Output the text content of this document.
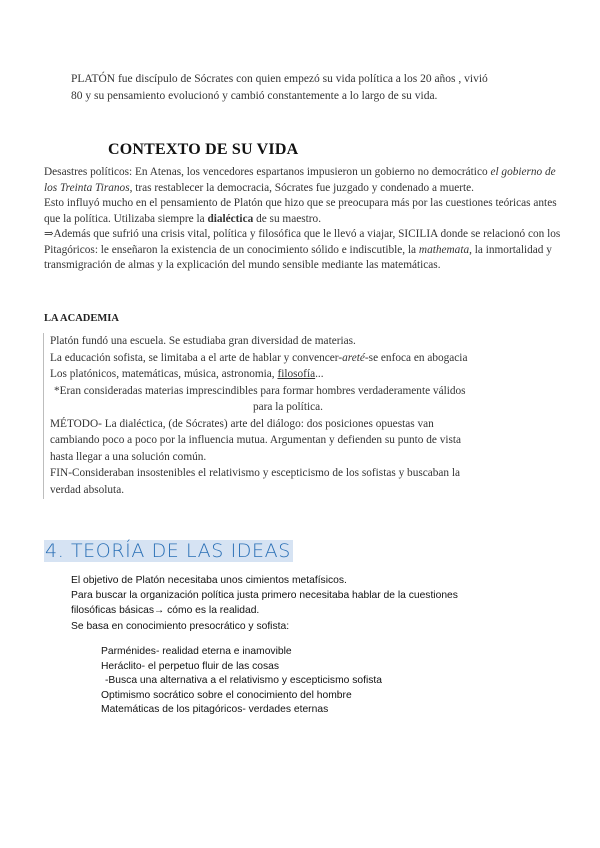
PLATÓN fue discípulo de Sócrates con quien empezó su vida política a los 20 años , vivió

80 y su pensamiento evolucionó y cambió constantemente a lo largo de su vida.

CONTEXTO DE SU VIDA

Desastres políticos: En Atenas, los vencedores espartanos impusieron un gobierno no democrático el gobierno de los Treinta Tiranos, tras restablecer la democracia, Sócrates fue juzgado y condenado a muerte.

Esto influyó mucho en el pensamiento de Platón que hizo que se preocupara más por las cuestiones teóricas antes que la política. Utilizaba siempre la dialéctica de su maestro.

⇒Además que sufrió una crisis vital, política y filosófica que le llevó a viajar, SICILIA donde se relacionó con los Pitagóricos: le enseñaron la existencia de un conocimiento sólido e indiscutible, la mathemata, la inmortalidad y transmigración de almas y la explicación del mundo sensible mediante las matemáticas.

LA ACADEMIA

Platón fundó una escuela. Se estudiaba gran diversidad de materias.

La educación sofista, se limitaba a el arte de hablar y convencer-areté-se enfoca en abogacia

Los platónicos, matemáticas, música, astronomia, filosofía...

*Eran consideradas materias imprescindibles para formar hombres verdaderamente válidos

para la política.

MÉTODO- La dialéctica, (de Sócrates) arte del diálogo: dos posiciones opuestas van

cambiando poco a poco por la influencia mutua. Argumentan y defienden su punto de vista

hasta llegar a una solución común.

FIN-Consideraban insostenibles el relativismo y escepticismo de los sofistas y buscaban la

verdad absoluta.

4. TEORÍA DE LAS IDEAS

El objetivo de Platón necesitaba unos cimientos metafísicos.

Para buscar la organización política justa primero necesitaba hablar de la cuestiones

filosóficas básicas→ cómo es la realidad.

Se basa en conocimiento presocrático y sofista:

Parménides- realidad eterna e inamovible

Heráclito- el perpetuo fluir de las cosas

-Busca una alternativa a el relativismo y escepticismo sofista

Optimismo socrático sobre el conocimiento del hombre

Matemáticas de los pitagóricos- verdades eternas
